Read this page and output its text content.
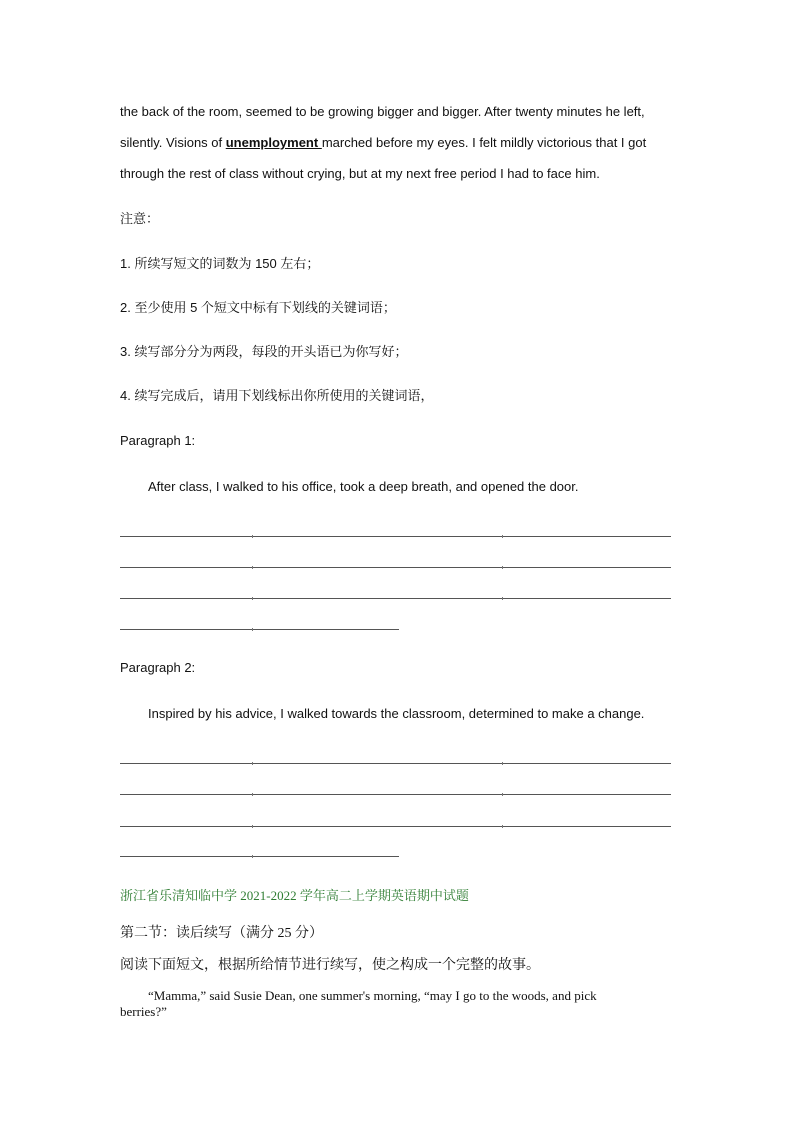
the back of the room, seemed to be growing bigger and bigger. After twenty minutes he left,
silently. Visions of unemployment marched before my eyes. I felt mildly victorious that I got
through the rest of class without crying, but at my next free period I had to face him.
注意：
1. 所续写短文的词数为 150 左右；
2. 至少使用 5 个短文中标有下划线的关键词语；
3. 续写部分分为两段，每段的开头语已为你写好；
4. 续写完成后，请用下划线标出你所使用的关键词语，
Paragraph 1:
After class, I walked to his office, took a deep breath, and opened the door.
Paragraph 2:
Inspired by his advice, I walked towards the classroom, determined to make a change.
浙江省乐清知临中学 2021-2022 学年高二上学期英语期中试题
第二节：读后续写（满分 25 分）
阅读下面短文，根据所给情节进行续写，使之构成一个完整的故事。
“Mamma,” said Susie Dean, one summer's morning, “may I go to the woods, and pick
berries?”
